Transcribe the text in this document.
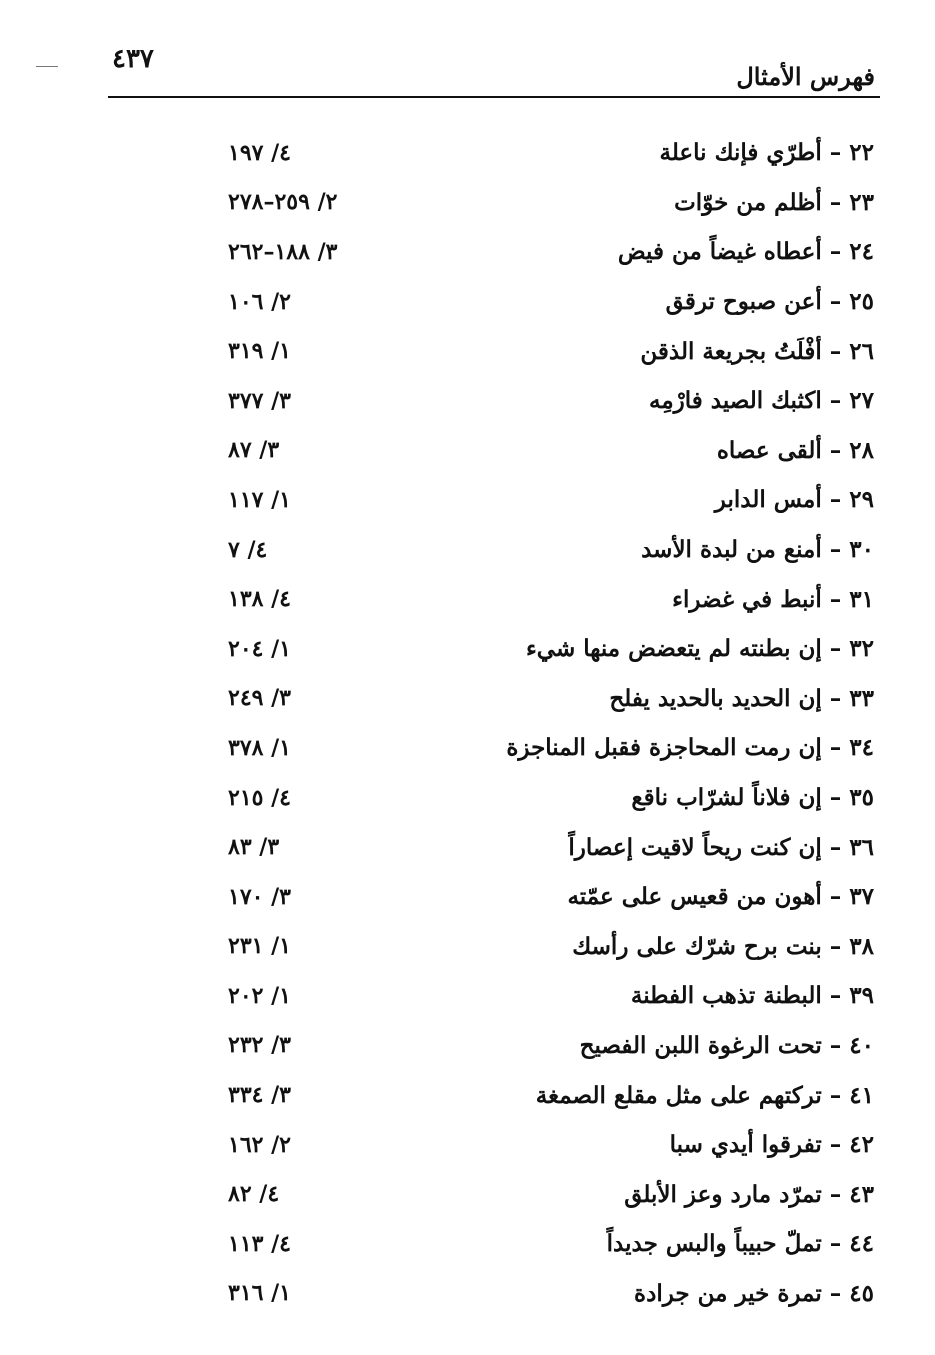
٤٣٧
فهرس الأمثال
٢٢ – أطرّي فإنك ناعلة
٤/ ١٩٧
٢٣ – أظلم من خوّات
٢/ ٢٥٩–٢٧٨
٢٤ – أعطاه غيضاً من فيض
٣/ ١٨٨–٢٦٢
٢٥ – أعن صبوح ترقق
٢/ ١٠٦
٢٦ – أفْلَتُ بجريعة الذقن
١/ ٣١٩
٢٧ – اكثبك الصيد فارْمِه
٣/ ٣٧٧
٢٨ – ألقى عصاه
٣/ ٨٧
٢٩ – أمس الدابر
١/ ١١٧
٣٠ – أمنع من لبدة الأسد
٤/ ٧
٣١ – أنبط في غضراء
٤/ ١٣٨
٣٢ – إن بطنته لم يتعضض منها شيء
١/ ٢٠٤
٣٣ – إن الحديد بالحديد يفلح
٣/ ٢٤٩
٣٤ – إن رمت المحاجزة فقبل المناجزة
١/ ٣٧٨
٣٥ – إن فلاناً لشرّاب ناقع
٤/ ٢١٥
٣٦ – إن كنت ريحاً لاقيت إعصاراً
٣/ ٨٣
٣٧ – أهون من قعيس على عمّته
٣/ ١٧٠
٣٨ – بنت برح شرّك على رأسك
١/ ٢٣١
٣٩ – البطنة تذهب الفطنة
١/ ٢٠٢
٤٠ – تحت الرغوة اللبن الفصيح
٣/ ٢٣٢
٤١ – تركتهم على مثل مقلع الصمغة
٣/ ٣٣٤
٤٢ – تفرقوا أيدي سبا
٢/ ١٦٢
٤٣ – تمرّد مارد وعز الأبلق
٤/ ٨٢
٤٤ – تملّ حبيباً والبس جديداً
٤/ ١١٣
٤٥ – تمرة خير من جرادة
١/ ٣١٦
